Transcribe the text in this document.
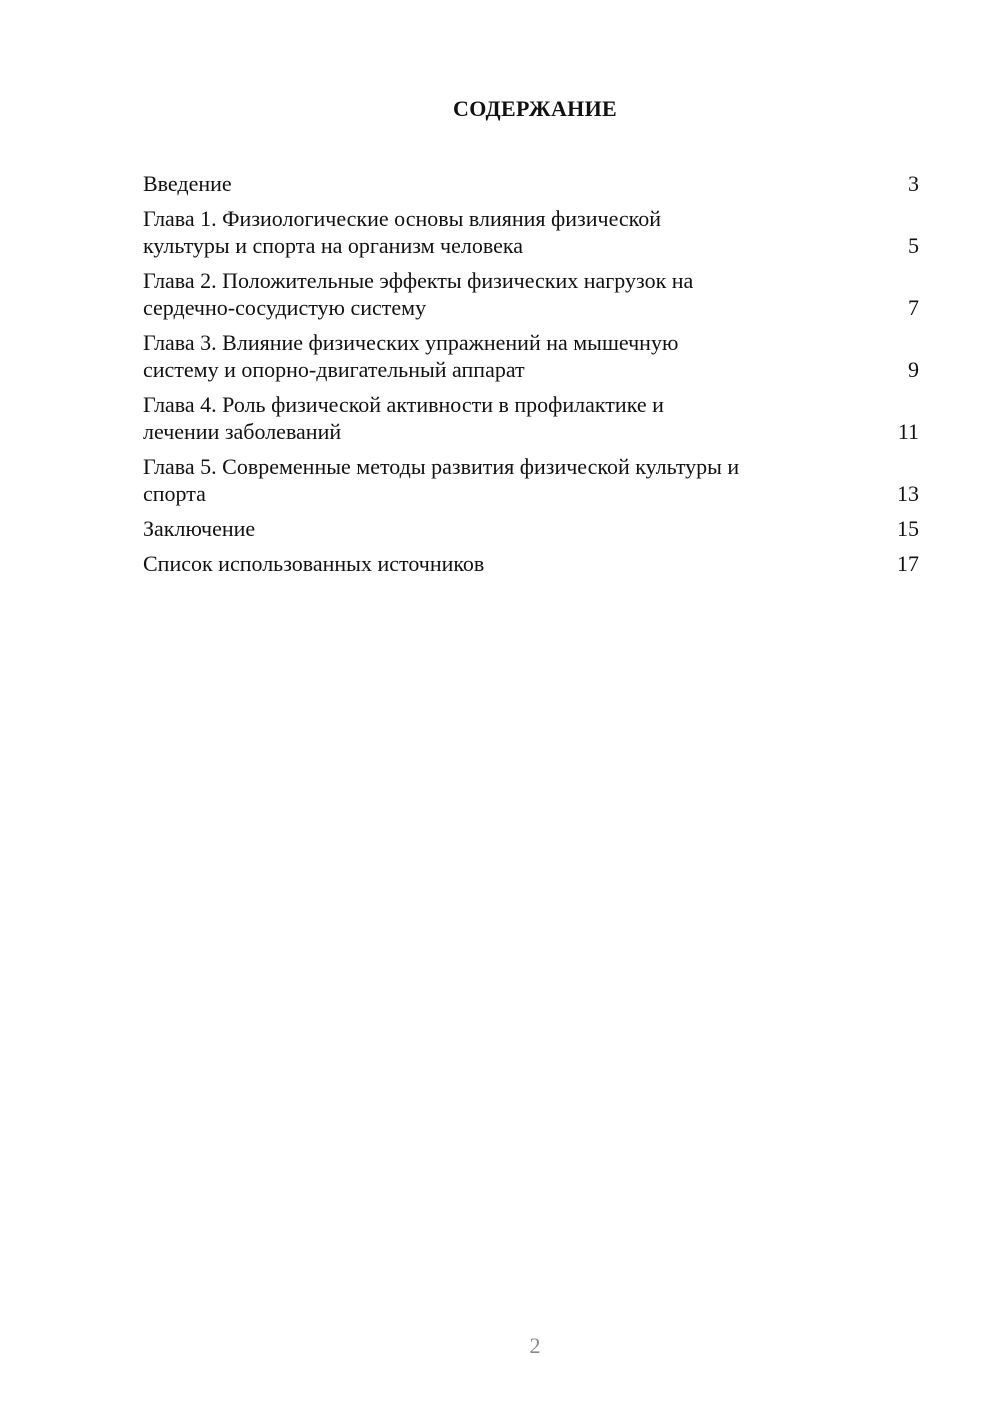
СОДЕРЖАНИЕ
Введение	3
Глава 1. Физиологические основы влияния физической
культуры и спорта на организм человека	5
Глава 2. Положительные эффекты физических нагрузок на
сердечно-сосудистую систему	7
Глава 3. Влияние физических упражнений на мышечную
систему и опорно-двигательный аппарат	9
Глава 4. Роль физической активности в профилактике и
лечении заболеваний	11
Глава 5. Современные методы развития физической культуры и
спорта	13
Заключение	15
Список использованных источников	17
2
